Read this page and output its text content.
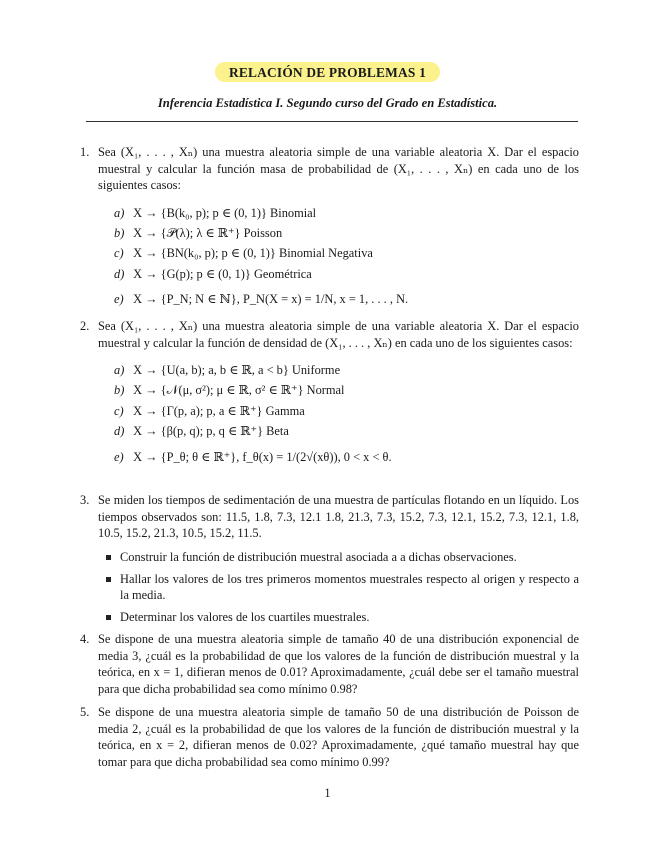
RELACIÓN DE PROBLEMAS 1
Inferencia Estadística I. Segundo curso del Grado en Estadística.
1. Sea (X₁, . . . , Xₙ) una muestra aleatoria simple de una variable aleatoria X. Dar el espacio muestral y calcular la función masa de probabilidad de (X₁, . . . , Xₙ) en cada uno de los siguientes casos:
a) X → {B(k₀, p); p ∈ (0, 1)} Binomial
b) X → {𝒫(λ); λ ∈ ℝ⁺} Poisson
c) X → {BN(k₀, p); p ∈ (0, 1)} Binomial Negativa
d) X → {G(p); p ∈ (0, 1)} Geométrica
e) X → {P_N; N ∈ ℕ}, P_N(X = x) = 1/N, x = 1, . . . , N.
2. Sea (X₁, . . . , Xₙ) una muestra aleatoria simple de una variable aleatoria X. Dar el espacio muestral y calcular la función de densidad de (X₁, . . . , Xₙ) en cada uno de los siguientes casos:
a) X → {U(a, b); a, b ∈ ℝ, a < b} Uniforme
b) X → {𝒩(μ, σ²); μ ∈ ℝ, σ² ∈ ℝ⁺} Normal
c) X → {Γ(p, a); p, a ∈ ℝ⁺} Gamma
d) X → {β(p, q); p, q ∈ ℝ⁺} Beta
e) X → {P_θ; θ ∈ ℝ⁺}, f_θ(x) = 1/(2√(xθ)), 0 < x < θ.
3. Se miden los tiempos de sedimentación de una muestra de partículas flotando en un líquido. Los tiempos observados son: 11.5, 1.8, 7.3, 12.1 1.8, 21.3, 7.3, 15.2, 7.3, 12.1, 15.2, 7.3, 12.1, 1.8, 10.5, 15.2, 21.3, 10.5, 15.2, 11.5.
Construir la función de distribución muestral asociada a a dichas observaciones.
Hallar los valores de los tres primeros momentos muestrales respecto al origen y respecto a la media.
Determinar los valores de los cuartiles muestrales.
4. Se dispone de una muestra aleatoria simple de tamaño 40 de una distribución exponencial de media 3, ¿cuál es la probabilidad de que los valores de la función de distribución muestral y la teórica, en x = 1, difieran menos de 0.01? Aproximadamente, ¿cuál debe ser el tamaño muestral para que dicha probabilidad sea como mínimo 0.98?
5. Se dispone de una muestra aleatoria simple de tamaño 50 de una distribución de Poisson de media 2, ¿cuál es la probabilidad de que los valores de la función de distribución muestral y la teórica, en x = 2, difieran menos de 0.02? Aproximadamente, ¿qué tamaño muestral hay que tomar para que dicha probabilidad sea como mínimo 0.99?
1
